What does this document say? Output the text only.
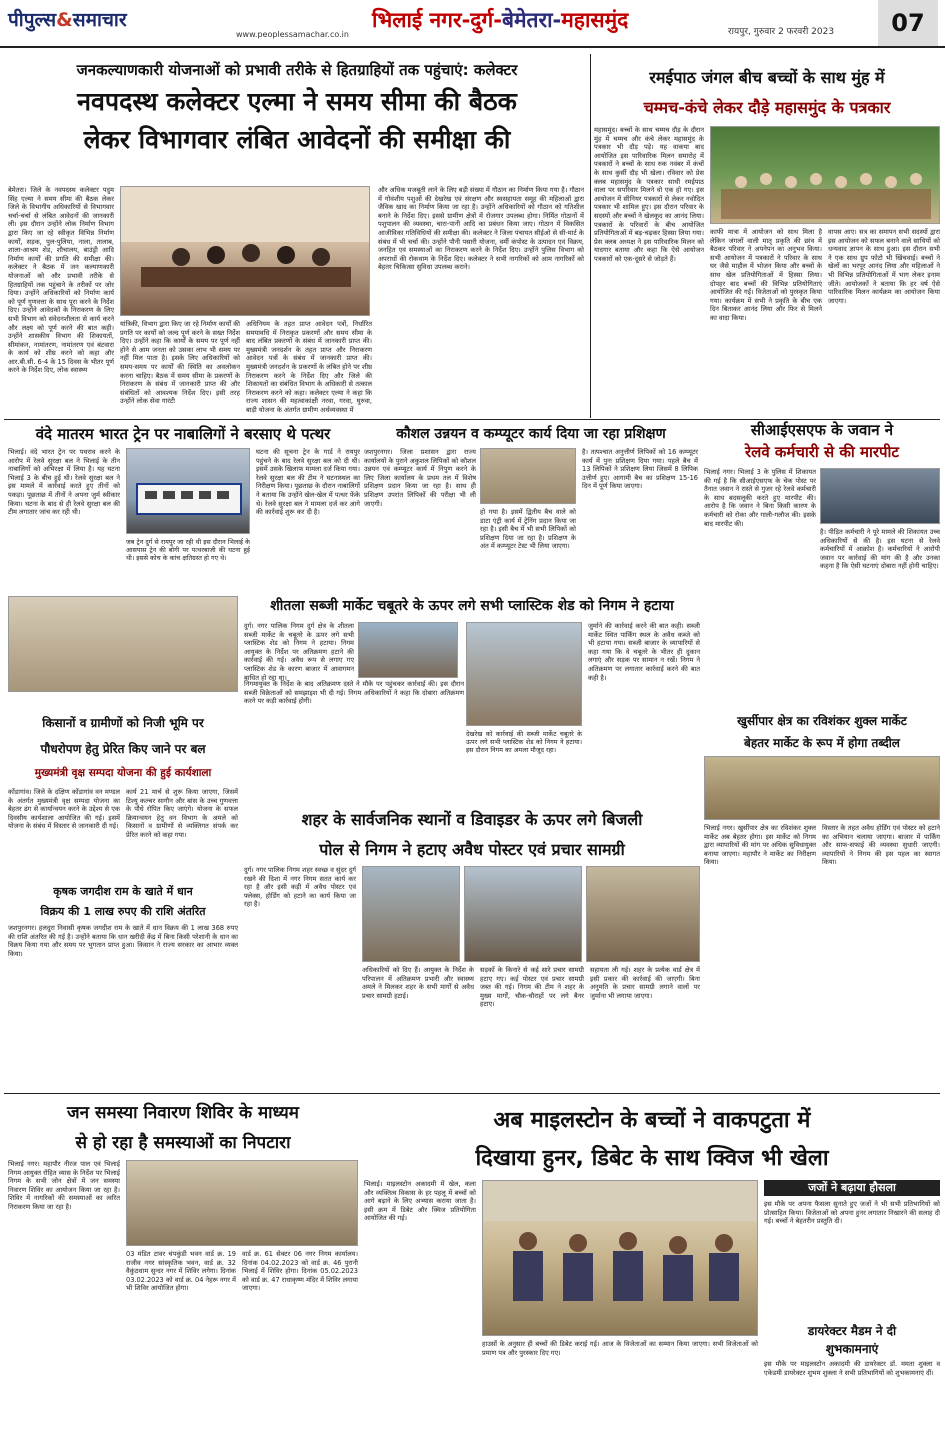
पीपुल्स&समाचार
www.peoplessamachar.co.in
भिलाई नगर-दुर्ग-बेमेतरा-महासमुंद	रायपुर, गुरुवार 2 फरवरी 2023	07
जनकल्याणकारी योजनाओं को प्रभावी तरीके से हितग्राहियों तक पहुंचाएं: कलेक्टर
नवपदस्थ कलेक्टर एल्मा ने समय सीमा की बैठक
लेकर विभागवार लंबित आवेदनों की समीक्षा की
बेमेतरा। जिले के नवपदस्थ कलेक्टर पदुम सिंह एल्मा ने समय सीमा की बैठक लेकर जिले के विभागीय अधिकारियों से विभागवार चर्चा-चर्चा से लंबित आवेदनों की जानकारी ली। इस दौरान उन्होंने लोक निर्माण विभाग द्वारा किए जा रहे स्वीकृत विभिन्न निर्माण कार्यों, सड़क, पुल-पुलिया, नाला, तालाब, शाला-आश्रम शेड, शौचालय, बाउंड्री आदि निर्माण कार्यों की प्रगति की समीक्षा की। कलेक्टर ने बैठक में जन कल्याणकारी योजनाओं को और प्रभावी तरीके से हितग्राहियों तक पहुंचाने के तरीकों पर जोर दिया। उन्होंने अधिकारियों को निर्माण कार्य को पूर्ण गुणवत्ता के साथ पूरा करने के निर्देश दिए। उन्होंने आवेदकों के निराकरण के लिए सभी विभाग को संवेदनशीलता से कार्य करने और लक्ष्य को पूर्ण करने की बात कही। उन्होंने शासकीय विभाग की शिकायतों, सीमांकन, नामांतरण, नामांतरण एवं बंटवारा के कार्य को शीघ्र करने को कहा और आर.बी.सी. 6-4 के 15 दिवस के भीतर पूर्ण करने के निर्देश दिए, लोक स्वास्थ्य
यांत्रिकी, विभाग द्वारा किए जा रहे निर्माण कार्यों की प्रगति पर कार्यों को जल्द पूर्ण करने के सख्त निर्देश दिए। उन्होंने कहा कि कार्यों के समय पर पूर्ण नहीं होने से आम जनता को उसका लाभ भी समय पर नहीं मिल पाता है। इसके लिए अधिकारियों को समय-समय पर कार्यों की स्थिति का अवलोकन करना चाहिए। बैठक में समय सीमा के प्रकरणों के निराकरण के संबंध में जानकारी प्राप्त की और संबंधितों को आवश्यक निर्देश दिए। इसी तरह उन्होंने लोक सेवा गारंटी
अधिनियम के तहत प्राप्त आवेदन पत्रों, निर्धारित समयावधि में निराकृत प्रकरणों और समय सीमा के बाद लंबित प्रकरणों के संबंध में जानकारी प्राप्त की। मुख्यमंत्री जनदर्शन के तहत प्राप्त और निराकरण आवेदन पत्रों के संबंध में जानकारी प्राप्त की। मुख्यमंत्री जनदर्शन के प्रकरणों के लंबित होने पर शीघ्र निराकरण करने के निर्देश दिए और जिले की शिकायतों का संबंधित विभाग के अधिकारी से तत्काल निराकरण करने को कहा। कलेक्टर एल्मा ने कहा कि राज्य शासन की महत्वाकांक्षी नरवा, गरवा, घुरुवा, बाड़ी योजना के अंतर्गत ग्रामीण अर्थव्यवस्था में
और अधिक मजबूती लाने के लिए बड़ी संख्या में गौठान का निर्माण किया गया है। गौठान में गोवंशीय पशुओं की देखरेख एवं संरक्षण और स्वसहायता समूह की महिलाओं द्वारा जैविक खाद का निर्माण किया जा रहा है। उन्होंने अधिकारियों को गौठान को गतिशील बनाने के निर्देश दिए। इससे ग्रामीण क्षेत्रों में रोजगार उपलब्ध होगा। निर्मित गोठानों में पशुपालन की व्यवस्था, चारा-पानी आदि का प्रबंधन किया जाए। गोठान में विकसित आजीविका गतिविधियों की समीक्षा की। कलेक्टर ने जिला पंचायत सीईओ से सी-मार्ट के संबंध में भी चर्चा की। उन्होंने पौनी पसारी योजना, वर्मी कंपोस्ट के उत्पादन एवं विक्रय, जनहित एवं समस्याओं का निराकरण करने के निर्देश दिए। उन्होंने पुलिस विभाग को अपराधों की रोकथाम के निर्देश दिए। कलेक्टर ने सभी नागरिकों को आम नागरिकों को बेहतर चिकित्सा सुविधा उपलब्ध कराने।
रमईपाठ जंगल बीच बच्चों के साथ मुंह में
चम्मच-कंचे लेकर दौड़े महासमुंद के पत्रकार
महासमुंद। बच्चों के साथ चम्मच दौड़ के दौरान मुंह में चम्मच और कंचे लेकर महासमुंद के पत्रकार भी दौड़ पड़े। यह वाकया बाद आयोजित इस पारिवारिक मिलन समारोह में पत्रकारों ने बच्चों के साथ रुक नवंबर में कंचों के साथ कुर्सी दौड़ भी खेला। रविवार को प्रेस क्लब महासमुंद के पत्रकार साथी रमईपाठ वाला पर सपरिवार मिलने वो एक हो गए। इस आयोजन में सीनियर पत्रकारों से लेकर नवोदित पत्रकार भी शामिल हुए। इस दौरान परिवार के सदस्यों और बच्चों ने खेलकूद का आनंद लिया। पत्रकारों के परिवारों के बीच आयोजित प्रतियोगिताओं में बढ़-चढ़कर हिस्सा लिया गया। प्रेस क्लब अध्यक्ष ने इस पारिवारिक मिलन को यादगार बताया और कहा कि ऐसे आयोजन पत्रकारों को एक-दूसरे से जोड़ते हैं।
काफी मात्रा में आयोजन को साथ मिला है लेकिन जंगलों वाली मातृ प्रकृति की छांव में बैठकर परिवार ने अपनेपन का अनुभव किया। सभी आयोजन में पत्रकारों ने परिवार के साथ घर जैसे माहौल में भोजन किया और बच्चों के साथ खेल प्रतियोगिताओं में हिस्सा लिया। दोपहर बाद बच्चों की विभिन्न प्रतियोगिताएं आयोजित की गईं। विजेताओं को पुरस्कृत किया गया। कार्यक्रम में सभी ने प्रकृति के बीच एक दिन बिताकर आनंद लिया और फिर से मिलने का वादा किया।
वापस आए। सत्र का समापन सभी सदस्यों द्वारा इस आयोजन को सफल बनाने वाले साथियों को धन्यवाद ज्ञापन के साथ हुआ। इस दौरान सभी ने एक साथ ग्रुप फोटो भी खिंचवाई। बच्चों ने खेलों का भरपूर आनंद लिया और महिलाओं ने भी विभिन्न प्रतियोगिताओं में भाग लेकर इनाम जीते। आयोजकों ने बताया कि हर वर्ष ऐसे पारिवारिक मिलन कार्यक्रम का आयोजन किया जाएगा।
वंदे मातरम भारत ट्रेन पर नाबालिगों ने बरसाए थे पत्थर
भिलाई। वंदे भारत ट्रेन पर पथराव करने के आरोप में रेलवे सुरक्षा बल ने भिलाई के तीन नाबालिगों को अभिरक्षा में लिया है। यह घटना भिलाई 3 के बीच हुई थी। रेलवे सुरक्षा बल ने इस मामले में कार्रवाई करते हुए तीनों को पकड़ा। पूछताछ में तीनों ने अपना जुर्म स्वीकार किया। घटना के बाद से ही रेलवे सुरक्षा बल की टीम लगातार जांच कर रही थी।
जब ट्रेन दुर्ग से रायपुर जा रही थी इस दौरान भिलाई के आसपास ट्रेन की बोगी पर पत्थरबाजी की घटना हुई थी। इससे कोच के कांच क्षतिग्रस्त हो गए थे।
घटना की सूचना ट्रेन के गार्ड ने रायपुर पहुंचने के बाद रेलवे सुरक्षा बल को दी थी। इसमें उसके खिलाफ मामला दर्ज किया गया। रेलवे सुरक्षा बल की टीम ने घटनास्थल का निरीक्षण किया। पूछताछ के दौरान नाबालिगों ने बताया कि उन्होंने खेल-खेल में पत्थर फेंके थे। रेलवे सुरक्षा बल ने मामला दर्ज कर आगे की कार्रवाई शुरू कर दी है।
कौशल उन्नयन व कम्प्यूटर कार्य दिया जा रहा प्रशिक्षण
जशपुरनगर। जिला प्रशासन द्वारा राज्य कार्यालयों के पुराने अकुशल लिपिकों को कौशल उन्नयन एवं कम्प्यूटर कार्य में निपुण करने के लिए जिला कार्यालय के प्रथम तल में विशेष प्रशिक्षण प्रदान किया जा रहा है। साथ ही प्रशिक्षण उपरांत लिपिकों की परीक्षा भी ली जाएगी।
हो गया है। इसमें द्वितीय बैच वाले को डाटा एंट्री कार्य में ट्रेनिंग प्रदान किया जा रहा है। इसी बैच में भी सभी लिपिकों को प्रशिक्षण दिया जा रहा है। प्रशिक्षण के अंत में कम्प्यूटर टेस्ट भी लिया जाएगा।
है। तत्पश्चात अनुत्तीर्ण लिपिकों को 16 कम्प्यूटर कार्य में पुनः प्रशिक्षण दिया गया। पहले बैच में 13 लिपिकों ने प्रशिक्षण लिया जिसमें 8 लिपिक उत्तीर्ण हुए। आगामी बैच का प्रशिक्षण 15-16 दिन में पूर्ण किया जाएगा।
सीआईएसएफ के जवान ने
रेलवे कर्मचारी से की मारपीट
भिलाई नगर। भिलाई 3 के पुलिस में शिकायत की गई है कि सीआईएसएफ के चेक पोस्ट पर तैनात जवान ने रास्ते से गुजर रहे रेलवे कर्मचारी के साथ बदसलूकी करते हुए मारपीट की। आरोप है कि जवान ने बिना किसी कारण के कर्मचारी को रोका और गाली-गलौज की। इसके बाद मारपीट की।
है। पीड़ित कर्मचारी ने पूरे मामले की शिकायत उच्च अधिकारियों से की है। इस घटना से रेलवे कर्मचारियों में आक्रोश है। कर्मचारियों ने आरोपी जवान पर कार्रवाई की मांग की है और उनका कहना है कि ऐसी घटनाएं दोबारा नहीं होनी चाहिए।
शीतला सब्जी मार्केट चबूतरे के ऊपर लगे सभी प्लास्टिक शेड को निगम ने हटाया
दुर्ग। नगर पालिक निगम दुर्ग क्षेत्र के शीतला सब्जी मार्केट के चबूतरे के ऊपर लगे सभी प्लास्टिक शेड को निगम ने हटाया। निगम आयुक्त के निर्देश पर अतिक्रमण हटाने की कार्रवाई की गई। अवैध रूप से लगाए गए प्लास्टिक शेड के कारण बाजार में आवागमन बाधित हो रहा था।
निगमायुक्त के निर्देश के बाद अतिक्रमण दस्ते ने मौके पर पहुंचकर कार्रवाई की। इस दौरान सब्जी विक्रेताओं को समझाइश भी दी गई। निगम अधिकारियों ने कहा कि दोबारा अतिक्रमण करने पर कड़ी कार्रवाई होगी।
देखरेख को कार्रवाई की सब्जी मार्केट चबूतरे के ऊपर लगे सभी प्लास्टिक शेड को निगम ने हटाया। इस दौरान निगम का अमला मौजूद रहा।
जुर्माने की कार्रवाई करने की बात कही। सब्जी मार्केट स्थित पार्किंग स्थल के अवैध कब्जे को भी हटाया गया। सब्जी बाजार के व्यापारियों से कहा गया कि वे चबूतरे के भीतर ही दुकान लगाएं और सड़क पर सामान न रखें। निगम ने अतिक्रमण पर लगातार कार्रवाई करने की बात कही है।
किसानों व ग्रामीणों को निजी भूमि पर
पौधरोपण हेतु प्रेरित किए जाने पर बल
मुख्यमंत्री वृक्ष सम्पदा योजना की हुई कार्यशाला
कोंडागांव। जिले के दक्षिण कोंडागांव वन मण्डल के अंतर्गत मुख्यमंत्री वृक्ष सम्पदा योजना का बेहतर ढंग से कार्यान्वयन करने के उद्देश्य से एक दिवसीय कार्यशाला आयोजित की गई। इसमें योजना के संबंध में विस्तार से जानकारी दी गई।
कार्य 21 मार्च से शुरू किया जाएगा, जिसमें टिश्यू कल्चर सागौन और बांस के उच्च गुणवत्ता के पौधे रोपित किए जाएंगे। योजना के सफल क्रियान्वयन हेतु वन विभाग के अमले को किसानों व ग्रामीणों से व्यक्तिगत संपर्क कर प्रेरित करने को कहा गया।
कृषक जगदीश राम के खाते में धान
विक्रय की 1 लाख रुपए की राशि अंतरित
जशपुरनगर। हलदुरा निवासी कृषक जगदीश राम के खाते में धान विक्रय की 1 लाख 368 रुपए की राशि अंतरित की गई है। उन्होंने बताया कि धान खरीदी केंद्र में बिना किसी परेशानी के धान का विक्रय किया गया और समय पर भुगतान प्राप्त हुआ। किसान ने राज्य सरकार का आभार व्यक्त किया।
खुर्सीपार क्षेत्र का रविशंकर शुक्ल मार्केट
बेहतर मार्केट के रूप में होगा तब्दील
भिलाई नगर। खुर्सीपार क्षेत्र का रविशंकर शुक्ल मार्केट अब बेहतर होगा। इस मार्केट को निगम द्वारा व्यापारियों की मांग पर अधिक सुविधायुक्त बनाया जाएगा। महापौर ने मार्केट का निरीक्षण किया।
विस्तार के तहत अवैध होर्डिंग एवं पोस्टर को हटाने का अभियान चलाया जाएगा। बाजार में पार्किंग और साफ-सफाई की व्यवस्था सुधारी जाएगी। व्यापारियों ने निगम की इस पहल का स्वागत किया।
शहर के सार्वजनिक स्थानों व डिवाइडर के ऊपर लगे बिजली
पोल से निगम ने हटाए अवैध पोस्टर एवं प्रचार सामग्री
दुर्ग। नगर पालिक निगम शहर स्वच्छ व सुंदर दुर्ग रखने की दिशा में नगर निगम सतत कार्य कर रहा है और इसी कड़ी में अवैध पोस्टर एवं फ्लेक्स, होर्डिंग को हटाने का कार्य किया जा रहा है।
अधिकारियों को दिए हैं। आयुक्त के निर्देश के परिपालन में अतिक्रमण प्रभारी और स्वास्थ्य अमले ने मिलकर शहर के सभी मार्गों से अवैध प्रचार सामग्री हटाई।
सड़कों के किनारे से कई सारे प्रचार सामग्री हटाए गए। कई पोस्टर एवं प्रचार सामग्री जब्त की गई। निगम की टीम ने शहर के मुख्य मार्गों, चौक-चौराहों पर लगे बैनर हटाए।
सहायता ली गई। शहर के प्रत्येक वार्ड क्षेत्र में इसी प्रकार की कार्रवाई की जाएगी। बिना अनुमति के प्रचार सामग्री लगाने वालों पर जुर्माना भी लगाया जाएगा।
जन समस्या निवारण शिविर के माध्यम
से हो रहा है समस्याओं का निपटारा
भिलाई नगर। महापौर नीरज पाल एवं भिलाई निगम आयुक्त रोहित व्यास के निर्देश पर भिलाई निगम के सभी जोन क्षेत्रों में जन समस्या निवारण शिविर का आयोजन किया जा रहा है। शिविर में नागरिकों की समस्याओं का त्वरित निराकरण किया जा रहा है।
03 मंडित टावर चंपकुंडी भवन वार्ड क्र. 19 राजीव नगर सांस्कृतिक भवन, वार्ड क्र. 32 वैकुंठधाम सुन्दर नगर में शिविर लगेगा। दिनांक 03.02.2023 को वार्ड क्र. 04 नेहरू नगर में भी शिविर आयोजित होगा।
वार्ड क्र. 61 सेक्टर 06 नगर निगम कार्यालय। दिनांक 04.02.2023 को वार्ड क्र. 46 पुरानी भिलाई में शिविर होगा। दिनांक 05.02.2023 को वार्ड क्र. 47 राधाकृष्ण मंदिर में शिविर लगाया जाएगा।
अब माइलस्टोन के बच्चों ने वाकपटुता में
दिखाया हुनर, डिबेट के साथ क्विज भी खेला
भिलाई। माइलस्टोन अकादमी में खेल, कला और व्यक्तित्व विकास के हर पहलू में बच्चों को आगे बढ़ाने के लिए अभ्यास कराया जाता है। इसी क्रम में डिबेट और क्विज प्रतियोगिता आयोजित की गई।
हाउसों के अनुसार ही बच्चों की डिबेट कराई गई। आज के विजेताओं का सम्मान किया जाएगा। सभी विजेताओं को प्रमाण पत्र और पुरस्कार दिए गए।
जजों ने बढ़ाया हौसला
इस मौके पर अपना फैसला सुनाते हुए जजों ने भी सभी प्रतिभागियों को प्रोत्साहित किया। विजेताओं को अपना हुनर लगातार निखारने की सलाह दी गई। बच्चों ने बेहतरीन प्रस्तुति दी।
डायरेक्टर मैडम ने दी
शुभकामनाएं
इस मौके पर माइलस्टोन अकादमी की डायरेक्टर डॉ. ममता शुक्ला व एकेडमी डायरेक्टर शुभम शुक्ला ने सभी प्रतिभागियों को शुभकामनाएं दीं।
